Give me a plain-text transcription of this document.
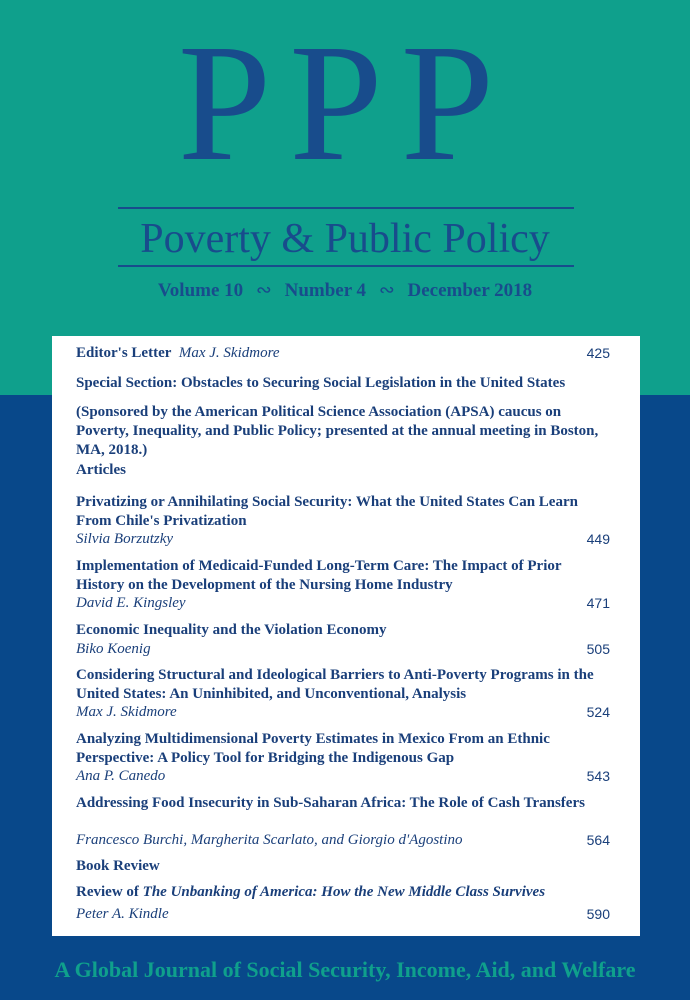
PPP
Poverty & Public Policy
Volume 10 ∾ Number 4 ∾ December 2018
Editor's Letter Max J. Skidmore	425
Special Section: Obstacles to Securing Social Legislation in the United States
(Sponsored by the American Political Science Association (APSA) caucus on Poverty, Inequality, and Public Policy; presented at the annual meeting in Boston, MA, 2018.)
Articles
Privatizing or Annihilating Social Security: What the United States Can Learn From Chile's Privatization
Silvia Borzutzky	449
Implementation of Medicaid-Funded Long-Term Care: The Impact of Prior History on the Development of the Nursing Home Industry
David E. Kingsley	471
Economic Inequality and the Violation Economy
Biko Koenig	505
Considering Structural and Ideological Barriers to Anti-Poverty Programs in the United States: An Uninhibited, and Unconventional, Analysis
Max J. Skidmore	524
Analyzing Multidimensional Poverty Estimates in Mexico From an Ethnic Perspective: A Policy Tool for Bridging the Indigenous Gap
Ana P. Canedo	543
Addressing Food Insecurity in Sub-Saharan Africa: The Role of Cash Transfers
Francesco Burchi, Margherita Scarlato, and Giorgio d'Agostino	564
Book Review
Review of The Unbanking of America: How the New Middle Class Survives
Peter A. Kindle	590
A Global Journal of Social Security, Income, Aid, and Welfare
